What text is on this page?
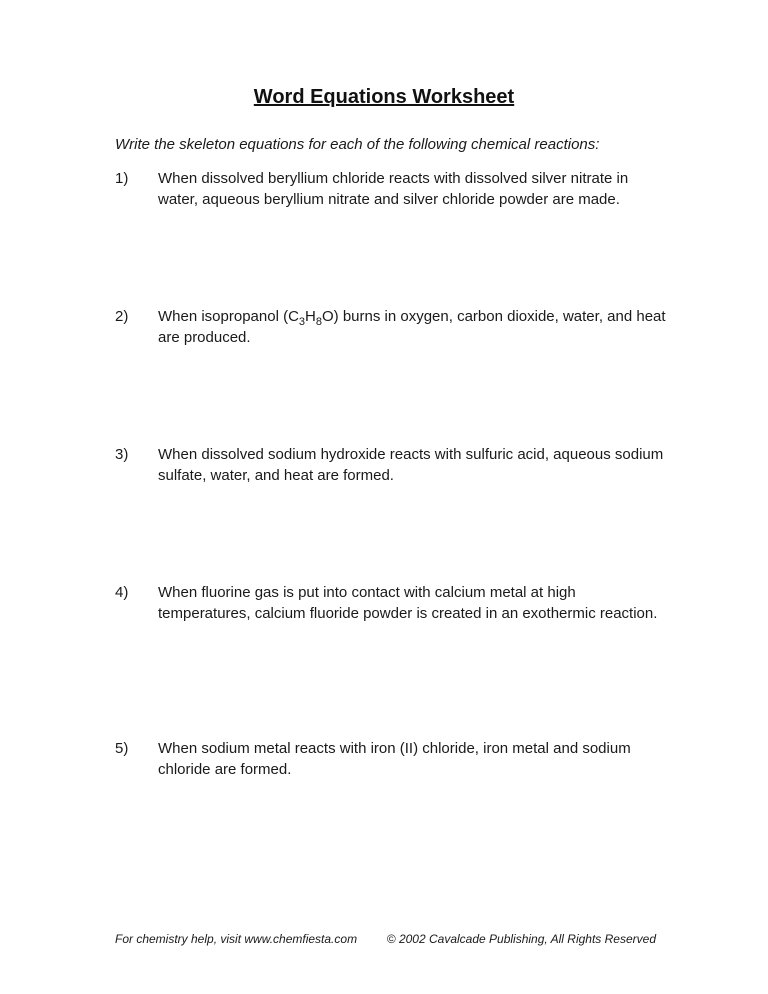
Word Equations Worksheet

Write the skeleton equations for each of the following chemical reactions:

1)	When dissolved beryllium chloride reacts with dissolved silver nitrate in water, aqueous beryllium nitrate and silver chloride powder are made.
2)	When isopropanol $(C_3H_8O)$ burns in oxygen, carbon dioxide, water, and heat are produced.
3)	When dissolved sodium hydroxide reacts with sulfuric acid, aqueous sodium sulfate, water, and heat are formed.
4)	When fluorine gas is put into contact with calcium metal at high temperatures, calcium fluoride powder is created in an exothermic reaction.
5)	When sodium metal reacts with iron (II) chloride, iron metal and sodium chloride are formed.
For chemistry help, visit www.chemfiesta.com © 2002 Cavalcade Publishing, All Rights Reserved
